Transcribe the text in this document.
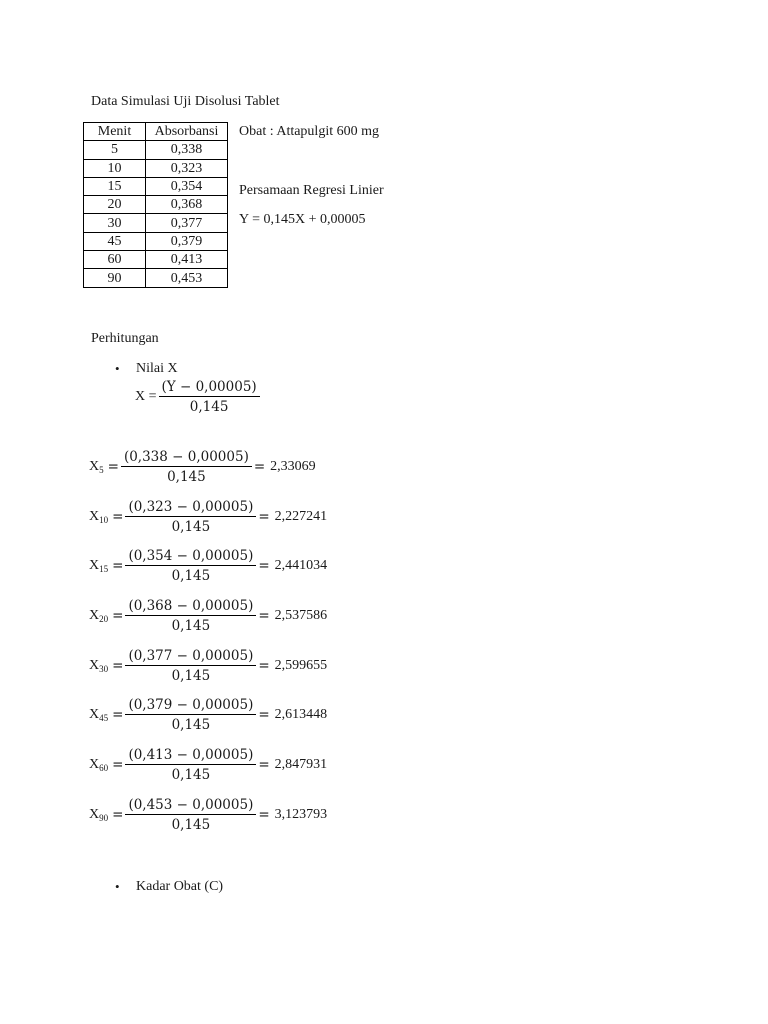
Data Simulasi Uji Disolusi Tablet
Menit	Absorbansi
5	0,338
10	0,323
15	0,354
20	0,368
30	0,377
45	0,379
60	0,413
90	0,453
Obat : Attapulgit 600 mg
Persamaan Regresi Linier
Y = 0,145X + 0,00005
Perhitungan
• Nilai X
$X = \frac{(Y - 0,00005)}{0,145}$
$X_5 = \frac{(0,338 - 0,00005)}{0,145} = 2,33069$
$X_{10} = \frac{(0,323 - 0,00005)}{0,145} = 2,227241$
$X_{15} = \frac{(0,354 - 0,00005)}{0,145} = 2,441034$
$X_{20} = \frac{(0,368 - 0,00005)}{0,145} = 2,537586$
$X_{30} = \frac{(0,377 - 0,00005)}{0,145} = 2,599655$
$X_{45} = \frac{(0,379 - 0,00005)}{0,145} = 2,613448$
$X_{60} = \frac{(0,413 - 0,00005)}{0,145} = 2,847931$
$X_{90} = \frac{(0,453 - 0,00005)}{0,145} = 3,123793$
• Kadar Obat (C)
